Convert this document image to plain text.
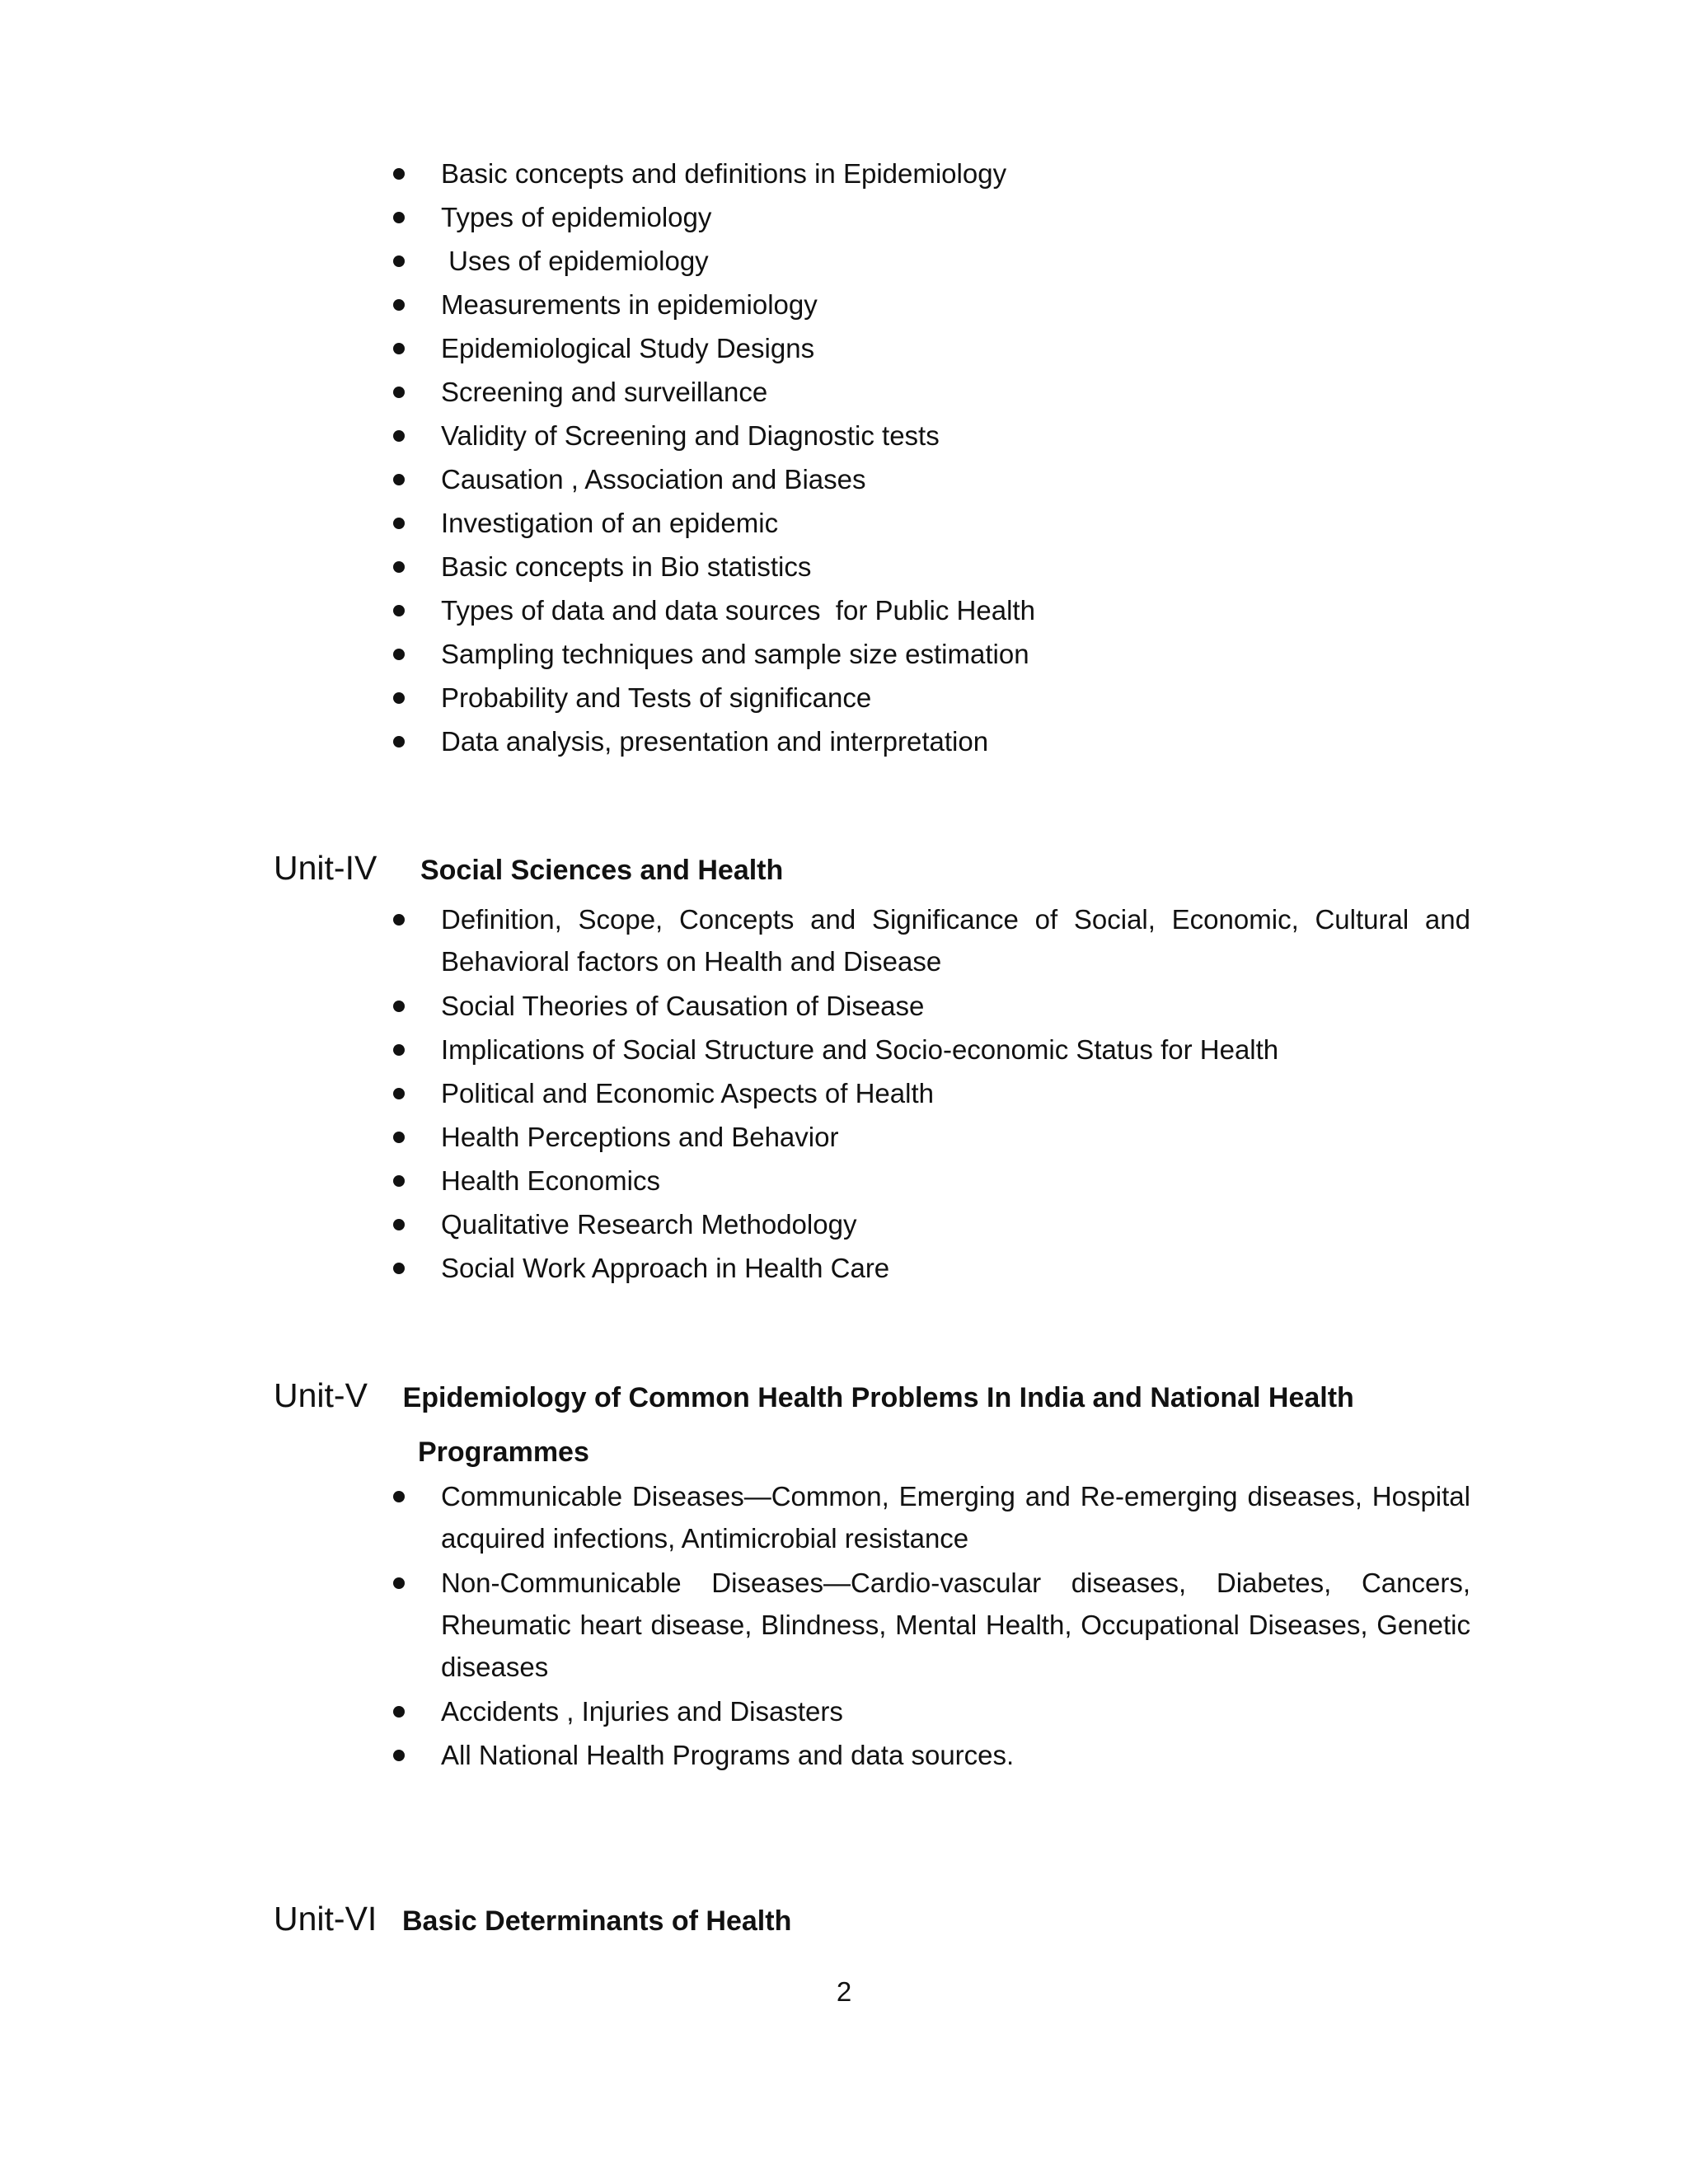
Basic concepts and definitions in Epidemiology
Types of epidemiology
Uses of epidemiology
Measurements in epidemiology
Epidemiological Study Designs
Screening and surveillance
Validity of Screening and Diagnostic tests
Causation , Association and Biases
Investigation of an epidemic
Basic concepts in Bio statistics
Types of data and data sources  for Public Health
Sampling techniques and sample size estimation
Probability and Tests of significance
Data analysis, presentation and interpretation
Unit-IV Social Sciences and Health
Definition, Scope, Concepts and Significance of Social, Economic, Cultural and Behavioral factors on Health and Disease
Social Theories of Causation of Disease
Implications of Social Structure and Socio-economic Status for Health
Political and Economic Aspects of Health
Health Perceptions and Behavior
Health Economics
Qualitative Research Methodology
Social Work Approach in Health Care
Unit-V Epidemiology of Common Health Problems In India and National Health
Programmes
Communicable Diseases—Common, Emerging and Re-emerging diseases, Hospital acquired infections, Antimicrobial resistance
Non-Communicable Diseases—Cardio-vascular diseases, Diabetes, Cancers, Rheumatic heart disease, Blindness, Mental Health, Occupational Diseases, Genetic diseases
Accidents , Injuries and Disasters
All National Health Programs and data sources.
Unit-VI Basic Determinants of Health
2
